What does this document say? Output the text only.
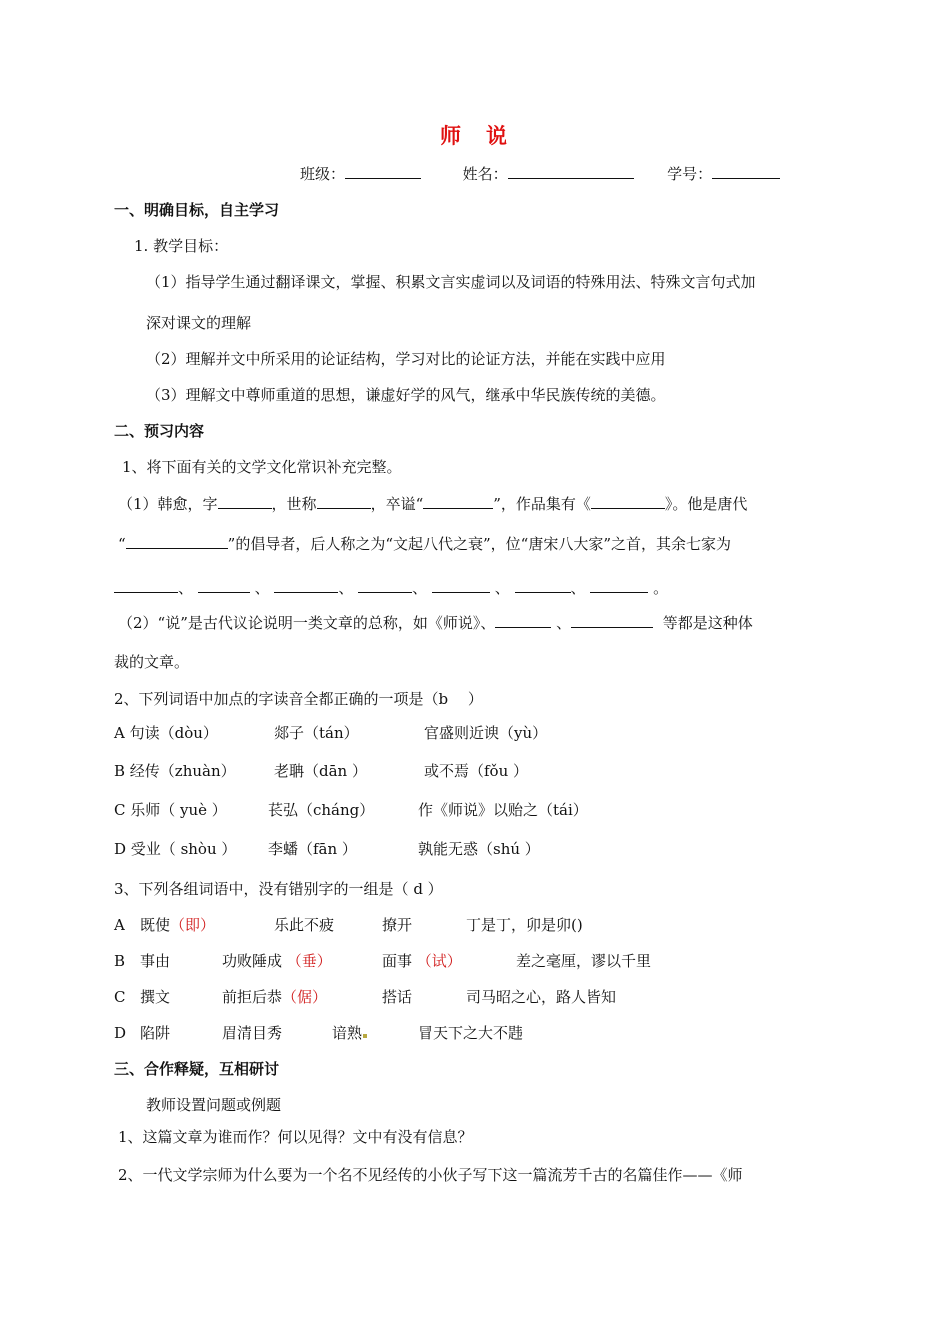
师　说
班级：	姓名：	学号：
一、明确目标，自主学习
1. 教学目标：
（1）指导学生通过翻译课文，掌握、积累文言实虚词以及词语的特殊用法、特殊文言句式加
深对课文的理解
（2）理解并文中所采用的论证结构，学习对比的论证方法，并能在实践中应用
（3）理解文中尊师重道的思想，谦虚好学的风气，继承中华民族传统的美德。
二、预习内容
1、将下面有关的文学文化常识补充完整。
（1）韩愈，字	，世称	，卒谥“	”，作品集有《	》。他是唐代
“	”的倡导者，后人称之为“文起八代之衰”，位“唐宋八大家”之首，其余七家为
、	、	、	、	、	、	。
（2）“说”是古代议论说明一类文章的总称，如《师说》、	、	等都是这种体
裁的文章。
2、下列词语中加点的字读音全都正确的一项是（b　 ）
A 句读（dòu）	郯子（tán）	官盛则近谀（yù）
B 经传（zhuàn）	老聃（dān ）	或不焉（fǒu ）
C 乐师（ yuè ）	苌弘（cháng）	作《师说》以贻之（tái）
D 受业（ shòu ） 李蟠（fān ）	孰能无惑（shú ）
3、下列各组词语中，没有错别字的一组是（ d ）
A 既使（即）	乐此不疲	撩开	丁是丁，卯是卯()
B 事由	功败陲成 （垂）	面事 （试）	差之毫厘，谬以千里
C 撰文	前拒后恭（倨）	搭话	司马昭之心，路人皆知
D 陷阱	眉清目秀	谙熟	冒天下之大不韪
三、合作释疑，互相研讨
教师设置问题或例题
1、这篇文章为谁而作？何以见得？文中有没有信息？
2、一代文学宗师为什么要为一个名不见经传的小伙子写下这一篇流芳千古的名篇佳作——《师
